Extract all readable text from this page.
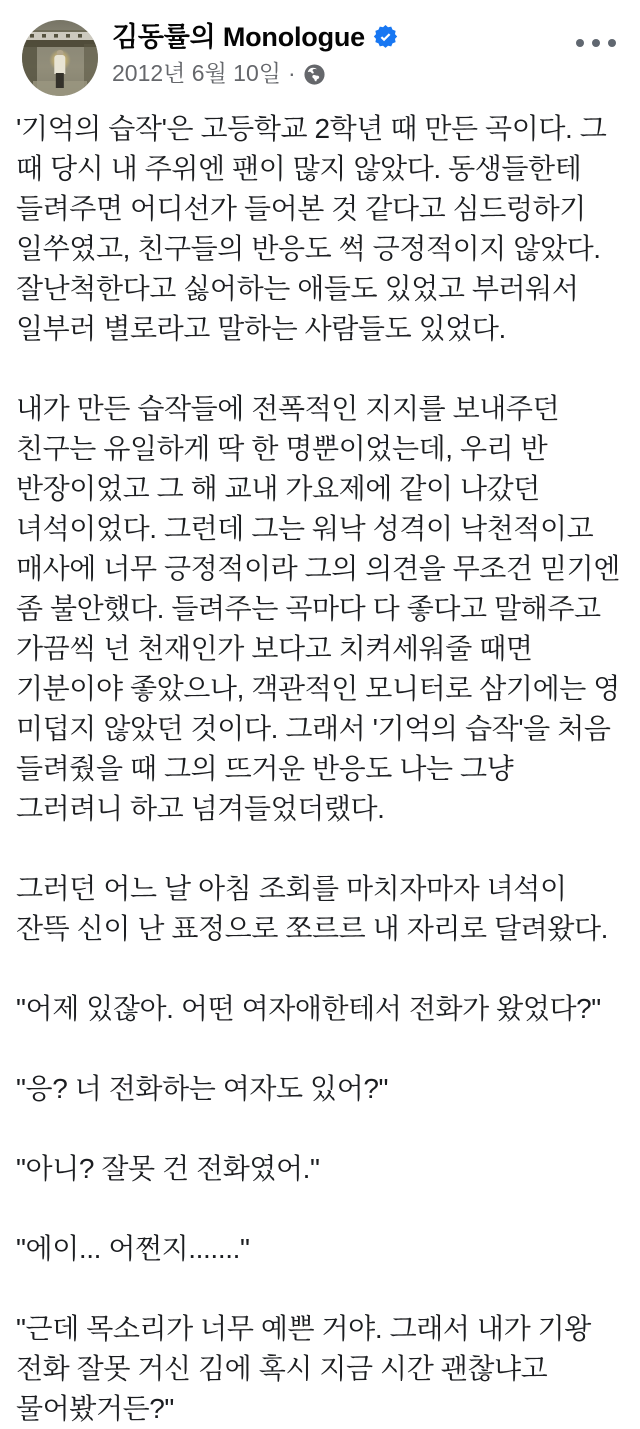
김동률의 Monologue
2012년 6월 10일 ·

'기억의 습작'은 고등학교 2학년 때 만든 곡이다. 그 때 당시 내 주위엔 팬이 많지 않았다. 동생들한테 들려주면 어디선가 들어본 것 같다고 심드렁하기 일쑤였고, 친구들의 반응도 썩 긍정적이지 않았다. 잘난척한다고 싫어하는 애들도 있었고 부러워서 일부러 별로라고 말하는 사람들도 있었다.

내가 만든 습작들에 전폭적인 지지를 보내주던 친구는 유일하게 딱 한 명뿐이었는데, 우리 반 반장이었고 그 해 교내 가요제에 같이 나갔던 녀석이었다. 그런데 그는 워낙 성격이 낙천적이고 매사에 너무 긍정적이라 그의 의견을 무조건 믿기엔 좀 불안했다. 들려주는 곡마다 다 좋다고 말해주고 가끔씩 넌 천재인가 보다고 치켜세워줄 때면 기분이야 좋았으나, 객관적인 모니터로 삼기에는 영 미덥지 않았던 것이다. 그래서 '기억의 습작'을 처음 들려줬을 때 그의 뜨거운 반응도 나는 그냥 그러려니 하고 넘겨들었더랬다.

그러던 어느 날 아침 조회를 마치자마자 녀석이 잔뜩 신이 난 표정으로 쪼르르 내 자리로 달려왔다.

"어제 있잖아. 어떤 여자애한테서 전화가 왔었다?"

"응? 너 전화하는 여자도 있어?"

"아니? 잘못 건 전화였어."

"에이... 어쩐지......."

"근데 목소리가 너무 예쁜 거야. 그래서 내가 기왕 전화 잘못 거신 김에 혹시 지금 시간 괜찮냐고 물어봤거든?"
